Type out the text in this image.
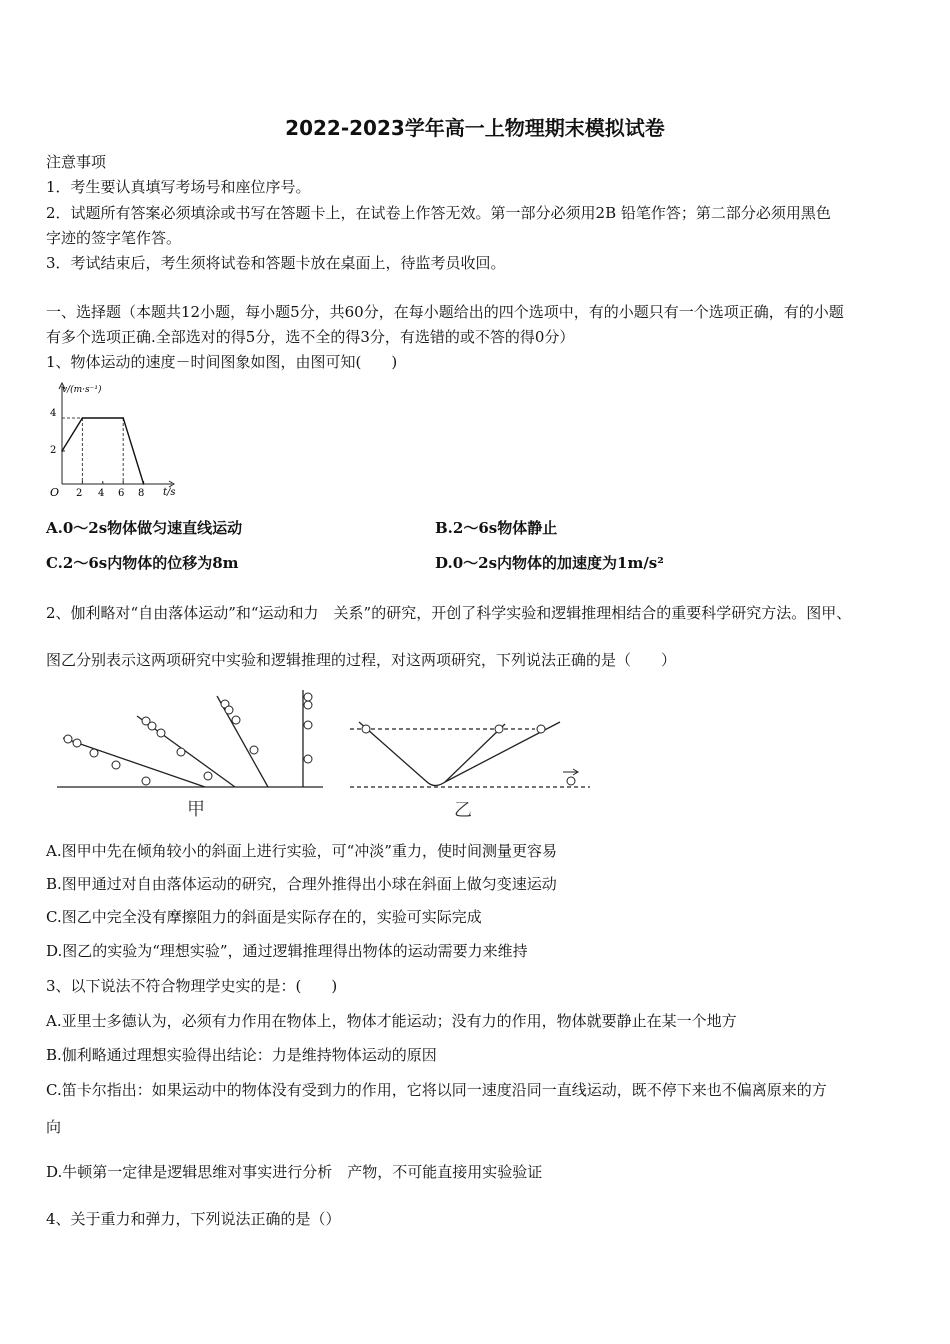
2022-2023学年高一上物理期末模拟试卷
注意事项
1．考生要认真填写考场号和座位序号。
2．试题所有答案必须填涂或书写在答题卡上，在试卷上作答无效。第一部分必须用2B 铅笔作答；第二部分必须用黑色
字迹的签字笔作答。
3．考试结束后，考生须将试卷和答题卡放在桌面上，待监考员收回。
一、选择题（本题共12小题，每小题5分，共60分，在每小题给出的四个选项中，有的小题只有一个选项正确，有的小题
有多个选项正确.全部选对的得5分，选不全的得3分，有选错的或不答的得0分）
1、物体运动的速度－时间图象如图，由图可知(　　)
v/(m·s⁻¹)
t/s
O
2
4
2 4 6 8
A.0～2s物体做匀速直线运动	B.2～6s物体静止
C.2～6s内物体的位移为8m	D.0～2s内物体的加速度为1m/s²
2、伽利略对“自由落体运动”和“运动和力　关系”的研究，开创了科学实验和逻辑推理相结合的重要科学研究方法。图甲、
图乙分别表示这两项研究中实验和逻辑推理的过程，对这两项研究，下列说法正确的是（　　）
甲	乙
A.图甲中先在倾角较小的斜面上进行实验，可“冲淡”重力，使时间测量更容易
B.图甲通过对自由落体运动的研究，合理外推得出小球在斜面上做匀变速运动
C.图乙中完全没有摩擦阻力的斜面是实际存在的，实验可实际完成
D.图乙的实验为“理想实验”，通过逻辑推理得出物体的运动需要力来维持
3、以下说法不符合物理学史实的是：(　　)
A.亚里士多德认为，必须有力作用在物体上，物体才能运动；没有力的作用，物体就要静止在某一个地方
B.伽利略通过理想实验得出结论：力是维持物体运动的原因
C.笛卡尔指出：如果运动中的物体没有受到力的作用，它将以同一速度沿同一直线运动，既不停下来也不偏离原来的方
向
D.牛顿第一定律是逻辑思维对事实进行分析　产物，不可能直接用实验验证
4、关于重力和弹力，下列说法正确的是（）
